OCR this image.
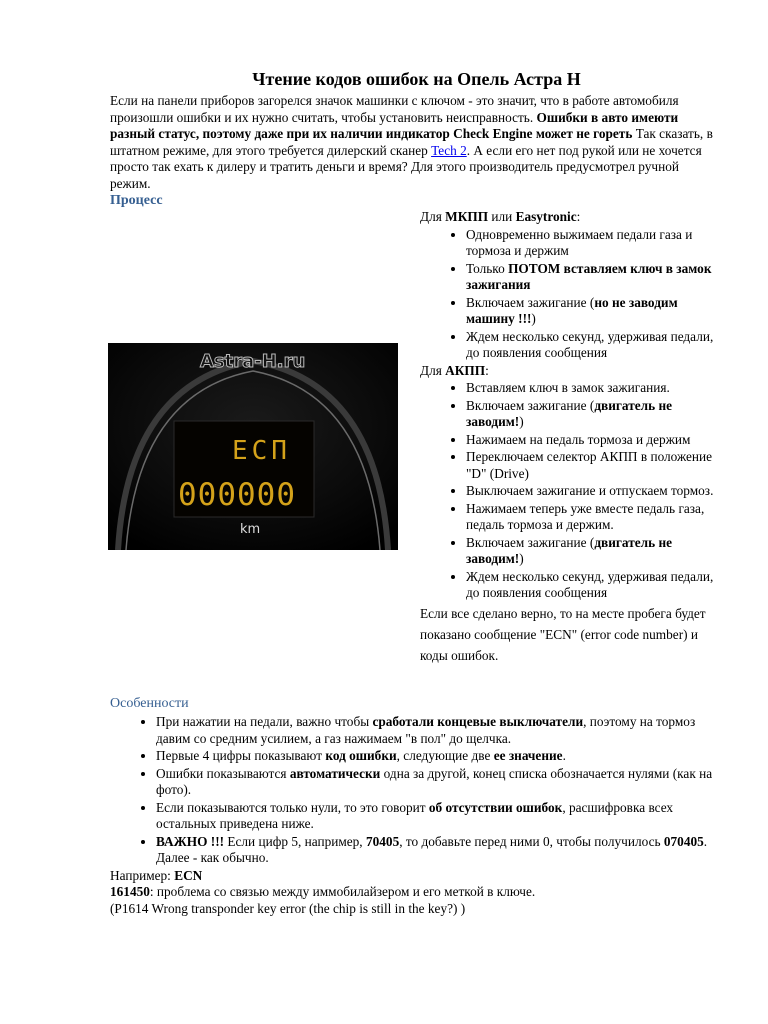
Чтение кодов ошибок на Опель Астра H

Если на панели приборов загорелся значок машинки с ключом - это значит, что в работе автомобиля произошли ошибки и их нужно считать, чтобы установить неисправность. Ошибки в авто имеюти разный статус, поэтому даже при их наличии индикатор Check Engine может не гореть Так сказать, в штатном режиме, для этого требуется дилерский сканер Tech 2. А если его нет под рукой или не хочется просто так ехать к дилеру и тратить деньги и время? Для этого производитель предусмотрел ручной режим.

Процесс
Astra-H.ru
ECП
000000
km

Для МКПП или Easytronic:

• Одновременно выжимаем педали газа и тормоза и держим
• Только ПОТОМ вставляем ключ в замок зажигания
• Включаем зажигание (но не заводим машину !!!)
• Ждем несколько секунд, удерживая педали, до появления сообщения

Для АКПП:

• Вставляем ключ в замок зажигания.
• Включаем зажигание (двигатель не заводим!)
• Нажимаем на педаль тормоза и держим
• Переключаем селектор АКПП в положение "D" (Drive)
• Выключаем зажигание и отпускаем тормоз.
• Нажимаем теперь уже вместе педаль газа, педаль тормоза и держим.
• Включаем зажигание (двигатель не заводим!)
• Ждем несколько секунд, удерживая педали, до появления сообщения

Если все сделано верно, то на месте пробега будет показано сообщение "ECN" (error code number) и коды ошибок.

Особенности
• При нажатии на педали, важно чтобы сработали концевые выключатели, поэтому на тормоз давим со средним усилием, а газ нажимаем "в пол" до щелчка.
• Первые 4 цифры показывают код ошибки, следующие две ее значение.
• Ошибки показываются автоматически одна за другой, конец списка обозначается нулями (как на фото).
• Если показываются только нули, то это говорит об отсутствии ошибок, расшифровка всех остальных приведена ниже.
• ВАЖНО !!! Если цифр 5, например, 70405, то добавьте перед ними 0, чтобы получилось 070405. Далее - как обычно.

Например: ECN

161450: проблема со связью между иммобилайзером и его меткой в ключе.

(P1614 Wrong transponder key error (the chip is still in the key?) )
